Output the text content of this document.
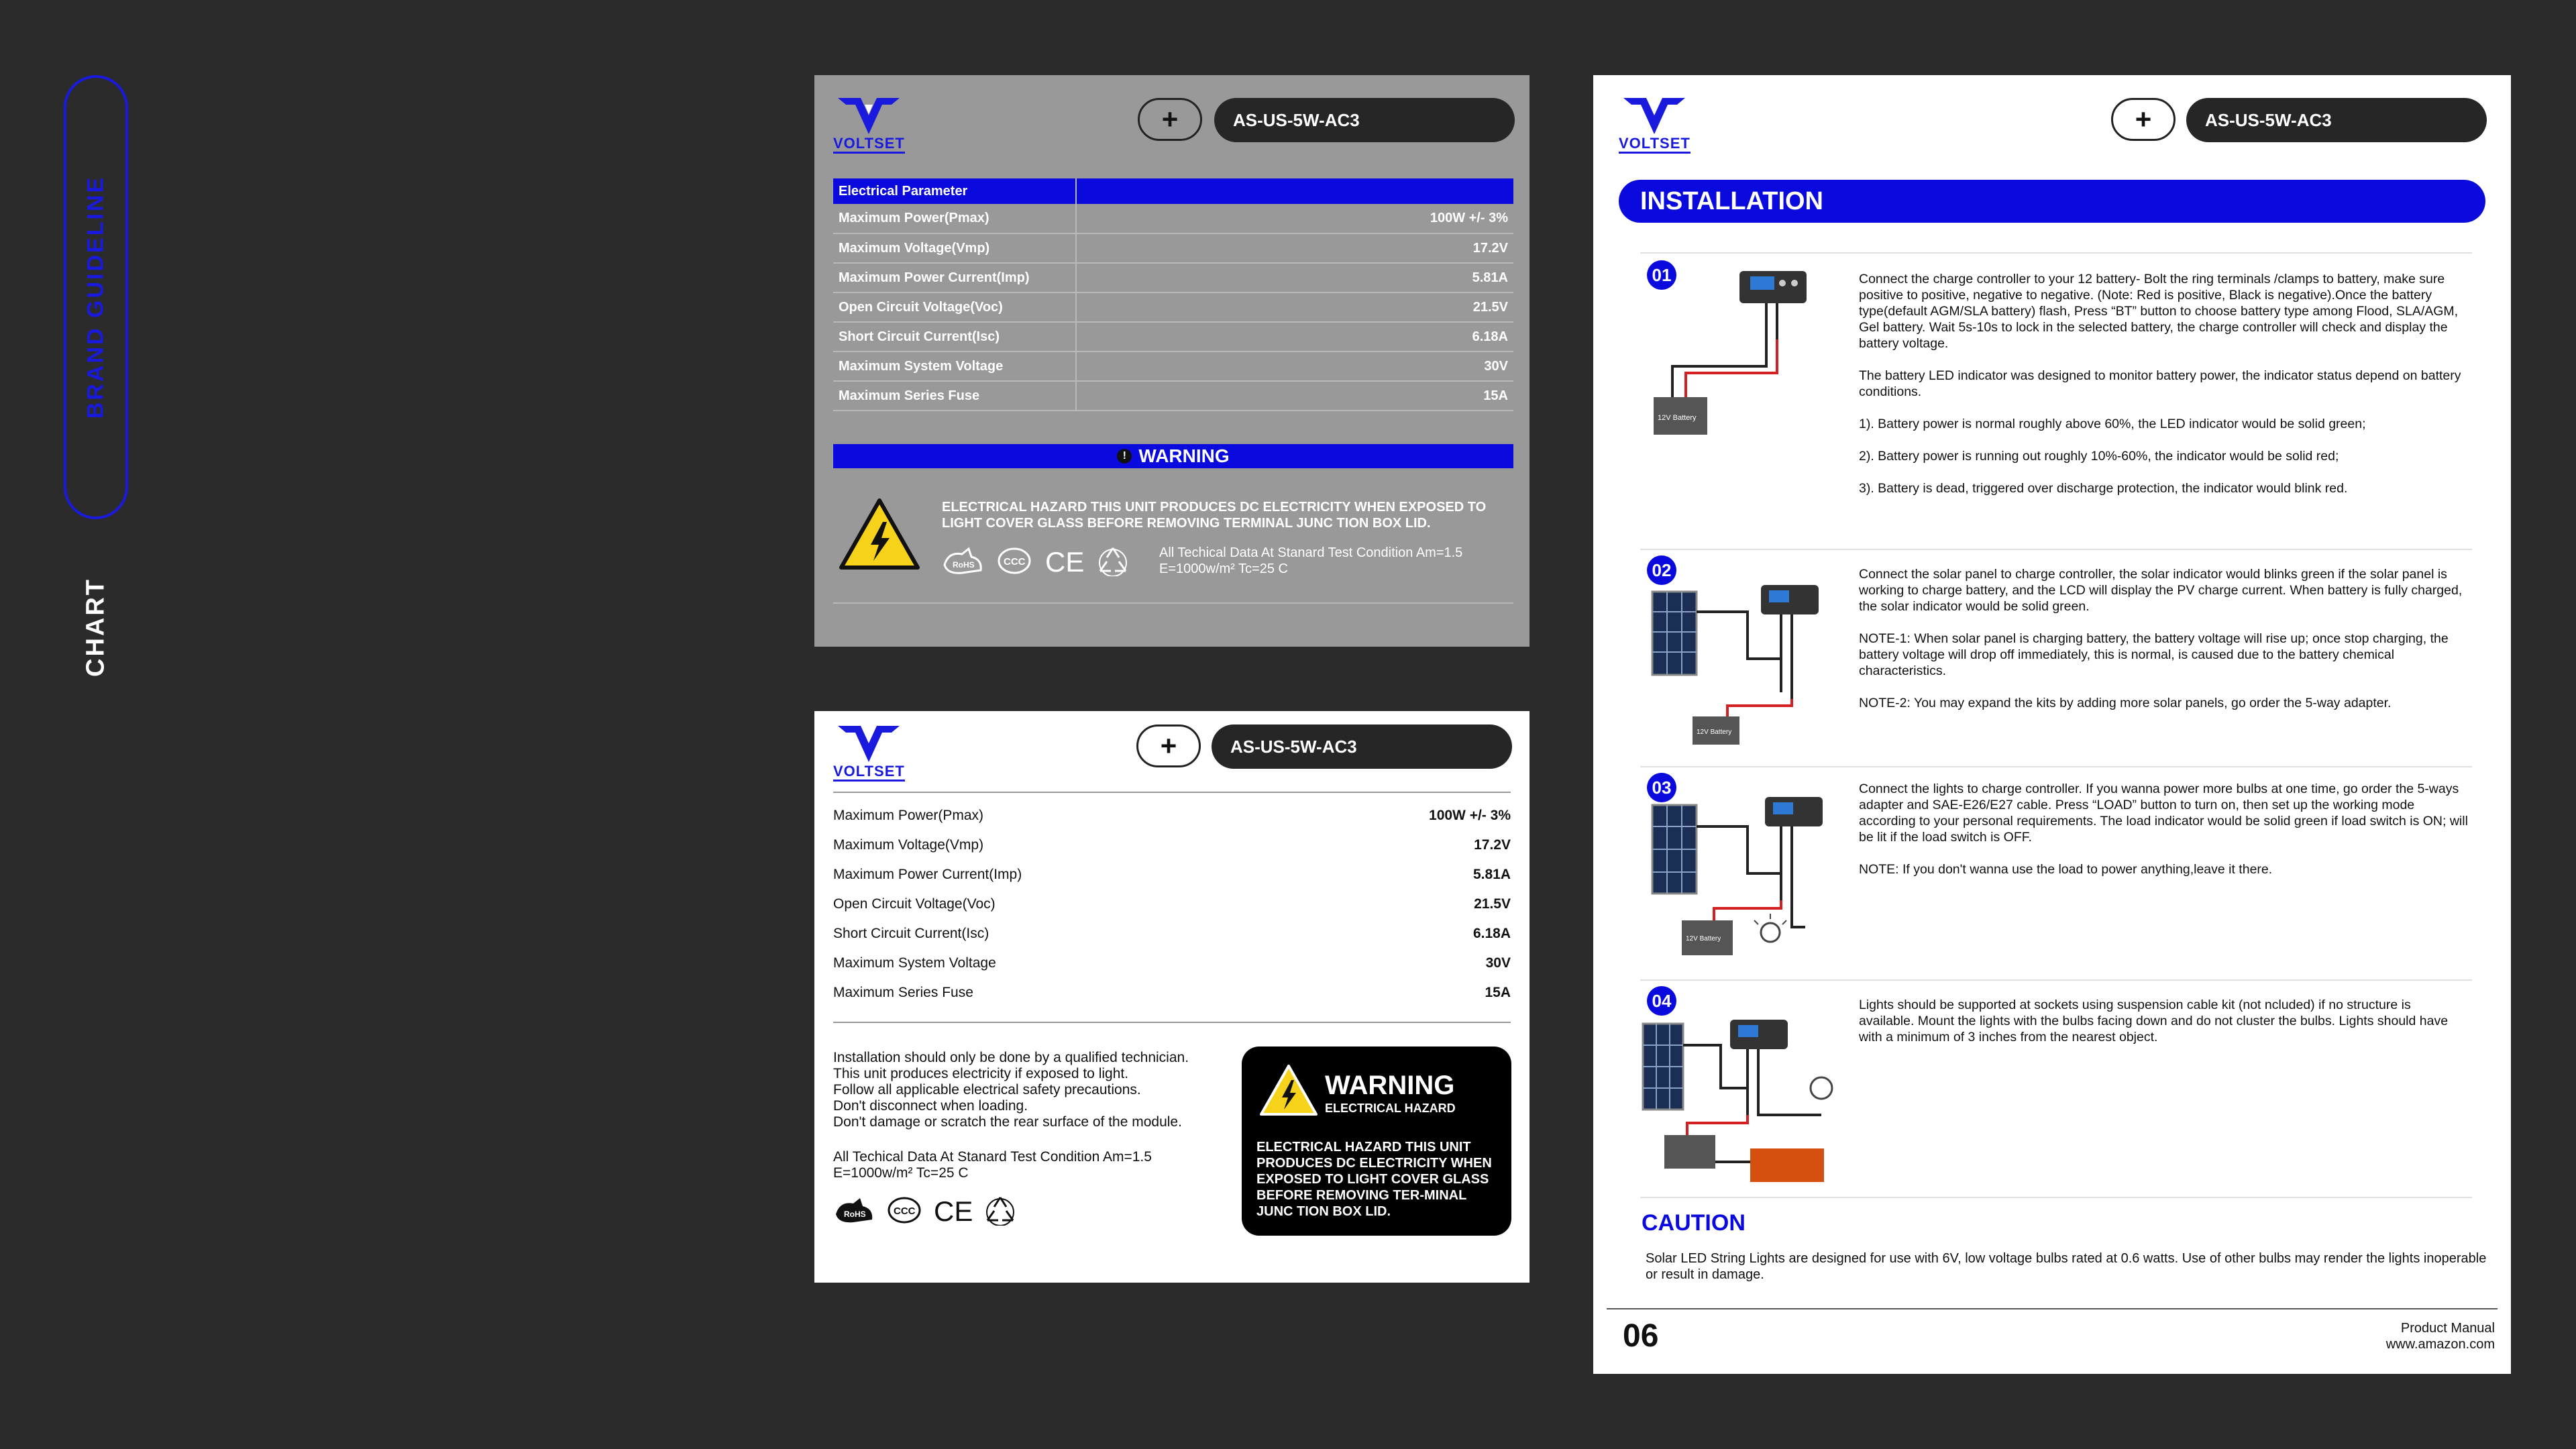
BRAND GUIDELINE
CHART
VOLTSET
+	AS-US-5W-AC3
Electrical Parameter	
Maximum Power(Pmax)	100W +/- 3%
Maximum Voltage(Vmp)	17.2V
Maximum Power Current(Imp)	5.81A
Open Circuit Voltage(Voc)	21.5V
Short Circuit Current(Isc)	6.18A
Maximum System Voltage	30V
Maximum Series Fuse	15A
! WARNING
ELECTRICAL HAZARD THIS UNIT PRODUCES DC ELECTRICITY WHEN EXPOSED TO LIGHT COVER GLASS BEFORE REMOVING TERMINAL JUNC TION BOX LID.
RoHS	CCC CE	All Techical Data At Stanard Test Condition Am=1.5
E=1000w/m² Tc=25 C
VOLTSET
+	AS-US-5W-AC3
Maximum Power(Pmax)	100W +/- 3%
Maximum Voltage(Vmp)	17.2V
Maximum Power Current(Imp)	5.81A
Open Circuit Voltage(Voc)	21.5V
Short Circuit Current(Isc)	6.18A
Maximum System Voltage	30V
Maximum Series Fuse	15A
Installation should only be done by a qualified technician.
This unit produces electricity if exposed to light.
Follow all applicable electrical safety precautions.
Don't disconnect when loading.
Don't damage or scratch the rear surface of the module.
All Techical Data At Stanard Test Condition Am=1.5
E=1000w/m² Tc=25 C
RoHS	CCC CE
WARNING
ELECTRICAL HAZARD
ELECTRICAL HAZARD THIS UNIT PRODUCES DC ELECTRICITY WHEN EXPOSED TO LIGHT COVER GLASS BEFORE REMOVING TER-MINAL JUNC TION BOX LID.
VOLTSET
+	AS-US-5W-AC3
INSTALLATION
01
12V Battery

Connect the charge controller to your 12 battery- Bolt the ring terminals /clamps to battery, make sure positive to positive, negative to negative. (Note: Red is positive, Black is negative).Once the battery type(default AGM/SLA battery) flash, Press “BT” button to choose battery type among Flood, SLA/AGM, Gel battery. Wait 5s-10s to lock in the selected battery, the charge controller will check and display the battery voltage.

The battery LED indicator was designed to monitor battery power, the indicator status depend on battery conditions.

1). Battery power is normal roughly above 60%, the LED indicator would be solid green;

2). Battery power is running out roughly 10%-60%, the indicator would be solid red;

3). Battery is dead, triggered over discharge protection, the indicator would blink red.

02
12V Battery

Connect the solar panel to charge controller, the solar indicator would blinks green if the solar panel is working to charge battery, and the LCD will display the PV charge current. When battery is fully charged, the solar indicator would be solid green.

NOTE-1: When solar panel is charging battery, the battery voltage will rise up; once stop charging, the battery voltage will drop off immediately, this is normal, is caused due to the battery chemical characteristics.

NOTE-2: You may expand the kits by adding more solar panels, go order the 5-way adapter.

03
12V Battery

Connect the lights to charge controller. If you wanna power more bulbs at one time, go order the 5-ways adapter and SAE-E26/E27 cable. Press “LOAD” button to turn on, then set up the working mode according to your personal requirements. The load indicator would be solid green if load switch is ON; will be lit if the load switch is OFF.

NOTE: If you don't wanna use the load to power anything,leave it there.

04	Lights should be supported at sockets using suspension cable kit (not ncluded) if no structure is available. Mount the lights with the bulbs facing down and do not cluster the bulbs. Lights should have with a minimum of 3 inches from the nearest object.

CAUTION
Solar LED String Lights are designed for use with 6V, low voltage bulbs rated at 0.6 watts. Use of other bulbs may render the lights inoperable or result in damage.
06	Product Manual
www.amazon.com
